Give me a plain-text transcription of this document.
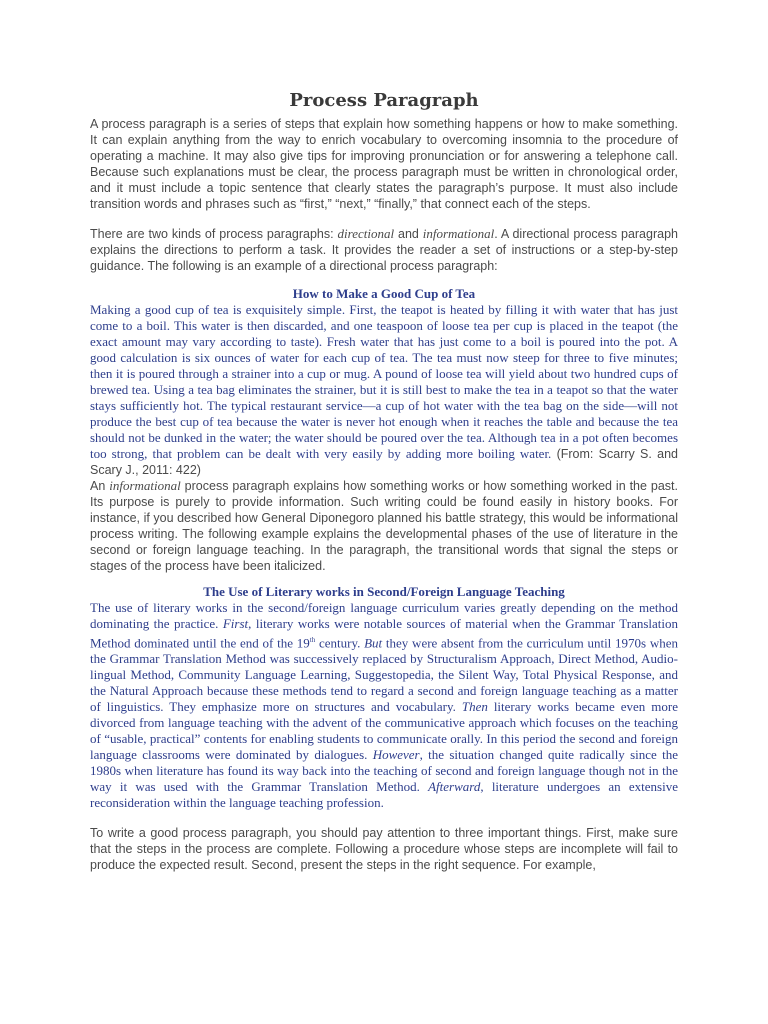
Process Paragraph

A process paragraph is a series of steps that explain how something happens or how to make something. It can explain anything from the way to enrich vocabulary to overcoming insomnia to the procedure of operating a machine. It may also give tips for improving pronunciation or for answering a telephone call. Because such explanations must be clear, the process paragraph must be written in chronological order, and it must include a topic sentence that clearly states the paragraph’s purpose. It must also include transition words and phrases such as “first,” “next,” “finally,” that connect each of the steps.

There are two kinds of process paragraphs: directional and informational. A directional process paragraph explains the directions to perform a task. It provides the reader a set of instructions or a step-by-step guidance. The following is an example of a directional process paragraph:

How to Make a Good Cup of Tea

Making a good cup of tea is exquisitely simple. First, the teapot is heated by filling it with water that has just come to a boil. This water is then discarded, and one teaspoon of loose tea per cup is placed in the teapot (the exact amount may vary according to taste). Fresh water that has just come to a boil is poured into the pot. A good calculation is six ounces of water for each cup of tea. The tea must now steep for three to five minutes; then it is poured through a strainer into a cup or mug. A pound of loose tea will yield about two hundred cups of brewed tea. Using a tea bag eliminates the strainer, but it is still best to make the tea in a teapot so that the water stays sufficiently hot. The typical restaurant service—a cup of hot water with the tea bag on the side—will not produce the best cup of tea because the water is never hot enough when it reaches the table and because the tea should not be dunked in the water; the water should be poured over the tea. Although tea in a pot often becomes too strong, that problem can be dealt with very easily by adding more boiling water. (From: Scarry S. and Scary J., 2011: 422)

An informational process paragraph explains how something works or how something worked in the past. Its purpose is purely to provide information. Such writing could be found easily in history books. For instance, if you described how General Diponegoro planned his battle strategy, this would be informational process writing. The following example explains the developmental phases of the use of literature in the second or foreign language teaching. In the paragraph, the transitional words that signal the steps or stages of the process have been italicized.

The Use of Literary works in Second/Foreign Language Teaching

The use of literary works in the second/foreign language curriculum varies greatly depending on the method dominating the practice. First, literary works were notable sources of material when the Grammar Translation Method dominated until the end of the 19th century. But they were absent from the curriculum until 1970s when the Grammar Translation Method was successively replaced by Structuralism Approach, Direct Method, Audio-lingual Method, Community Language Learning, Suggestopedia, the Silent Way, Total Physical Response, and the Natural Approach because these methods tend to regard a second and foreign language teaching as a matter of linguistics. They emphasize more on structures and vocabulary. Then literary works became even more divorced from language teaching with the advent of the communicative approach which focuses on the teaching of “usable, practical” contents for enabling students to communicate orally. In this period the second and foreign language classrooms were dominated by dialogues. However, the situation changed quite radically since the 1980s when literature has found its way back into the teaching of second and foreign language though not in the way it was used with the Grammar Translation Method. Afterward, literature undergoes an extensive reconsideration within the language teaching profession.

To write a good process paragraph, you should pay attention to three important things. First, make sure that the steps in the process are complete. Following a procedure whose steps are incomplete will fail to produce the expected result. Second, present the steps in the right sequence. For example,
